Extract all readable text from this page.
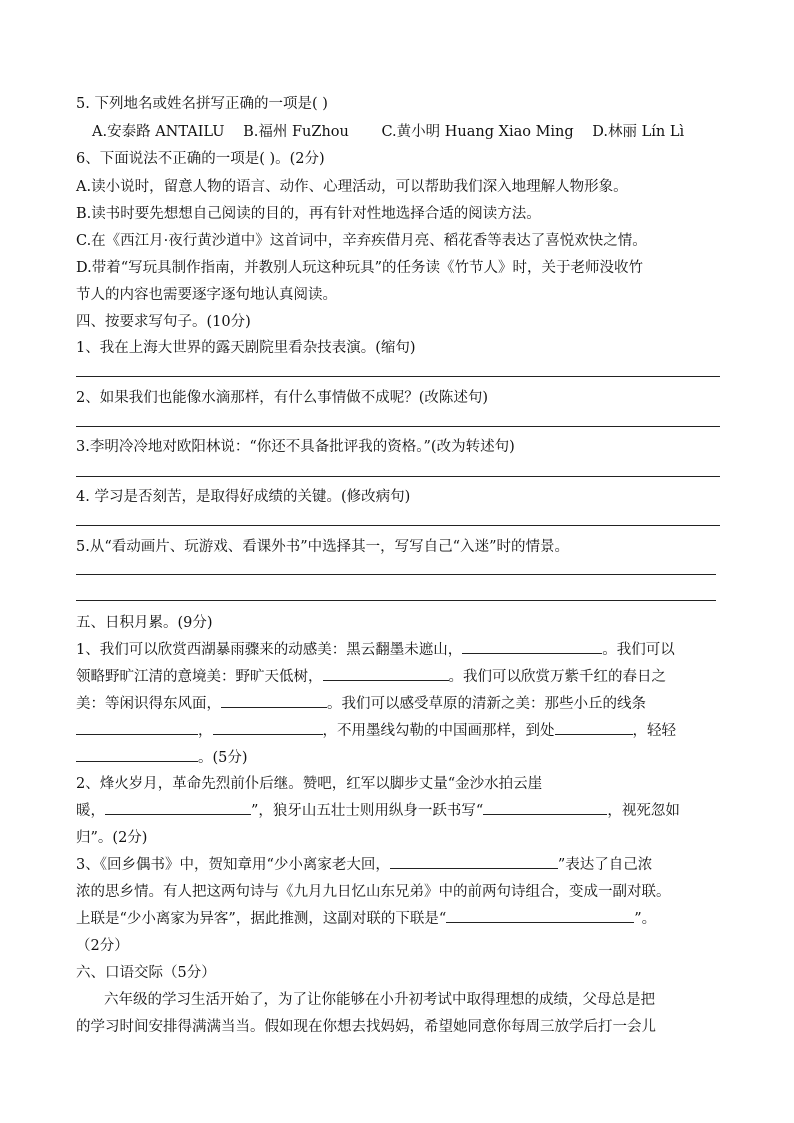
5. 下列地名或姓名拼写正确的一项是( )
A.安泰路 ANTAILU B.福州 FuZhou C.黄小明 Huang Xiao Ming D.林丽 Lín Lì
6、下面说法不正确的一项是( )。(2分)
A.读小说时，留意人物的语言、动作、心理活动，可以帮助我们深入地理解人物形象。
B.读书时要先想想自己阅读的目的，再有针对性地选择合适的阅读方法。
C.在《西江月·夜行黄沙道中》这首词中，辛弃疾借月亮、稻花香等表达了喜悦欢快之情。
D.带着“写玩具制作指南，并教别人玩这种玩具”的任务读《竹节人》时，关于老师没收竹
节人的内容也需要逐字逐句地认真阅读。
四、按要求写句子。(10分)
1、我在上海大世界的露天剧院里看杂技表演。(缩句)
2、如果我们也能像水滴那样，有什么事情做不成呢？(改陈述句)
3.李明冷冷地对欧阳林说：“你还不具备批评我的资格。”(改为转述句)
4. 学习是否刻苦，是取得好成绩的关键。(修改病句)
5.从“看动画片、玩游戏、看课外书”中选择其一，写写自己“入迷”时的情景。
五、日积月累。(9分)
1、我们可以欣赏西湖暴雨骤来的动感美：黑云翻墨未遮山，	。我们可以
领略野旷江清的意境美：野旷天低树，	。我们可以欣赏万紫千红的春日之
美：等闲识得东风面，	。我们可以感受草原的清新之美：那些小丘的线条
，	，不用墨线勾勒的中国画那样，到处	，轻轻
。(5分)
2、烽火岁月，革命先烈前仆后继。赞吧，红军以脚步丈量“金沙水拍云崖
暖，	”，狼牙山五壮士则用纵身一跃书写“	，视死忽如
归”。(2分)
3、《回乡偶书》中，贺知章用“少小离家老大回，	”表达了自己浓
浓的思乡情。有人把这两句诗与《九月九日忆山东兄弟》中的前两句诗组合，变成一副对联。
上联是“少小离家为异客”，据此推测，这副对联的下联是“	”。
（2分）
六、口语交际（5分）
六年级的学习生活开始了，为了让你能够在小升初考试中取得理想的成绩，父母总是把
的学习时间安排得满满当当。假如现在你想去找妈妈，希望她同意你每周三放学后打一会儿
